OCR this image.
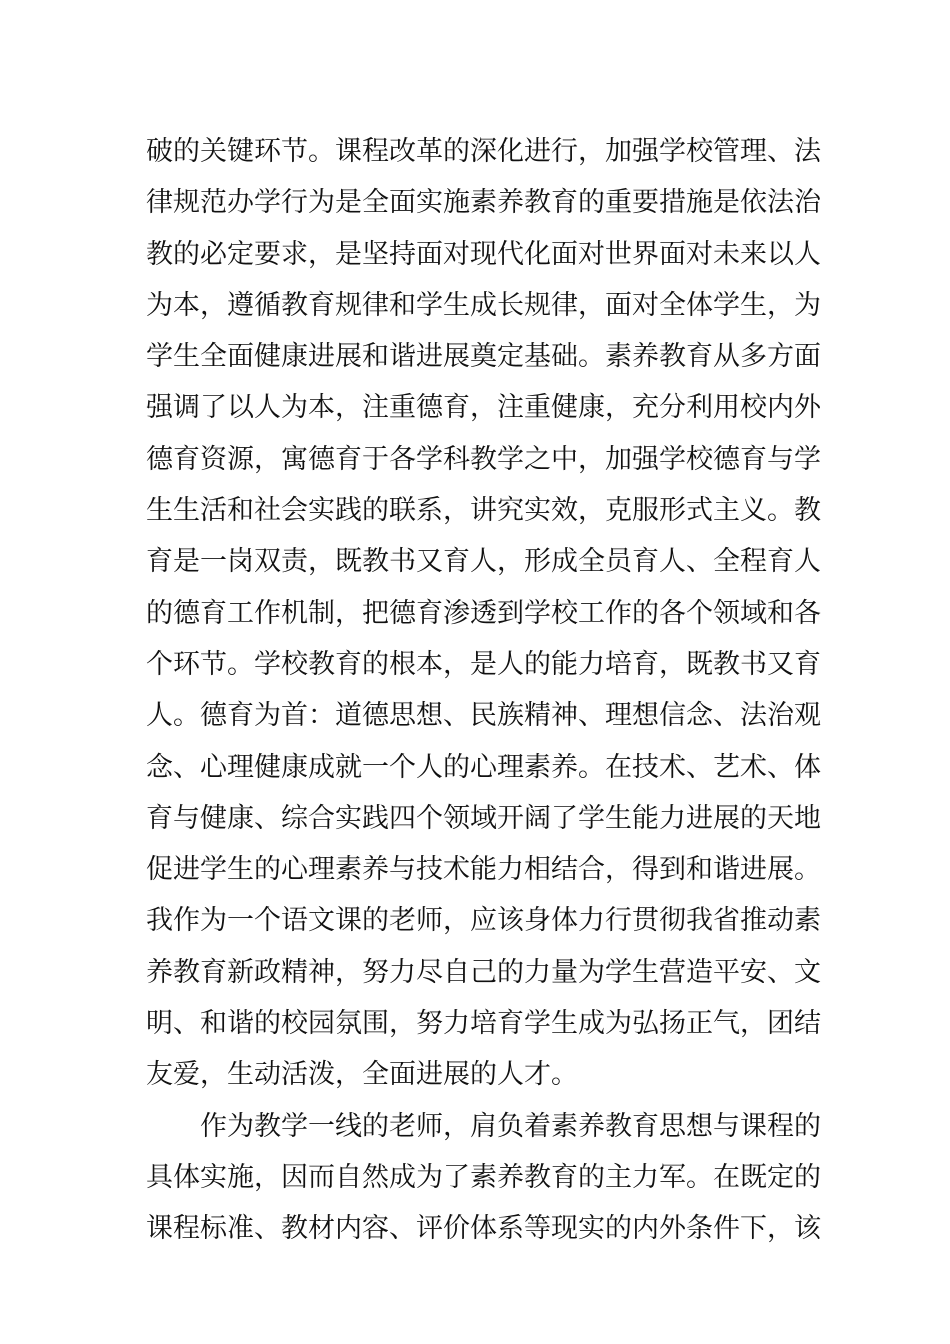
破的关键环节。课程改革的深化进行，加强学校管理、法
律规范办学行为是全面实施素养教育的重要措施是依法治
教的必定要求，是坚持面对现代化面对世界面对未来以人
为本，遵循教育规律和学生成长规律，面对全体学生，为
学生全面健康进展和谐进展奠定基础。素养教育从多方面
强调了以人为本，注重德育，注重健康，充分利用校内外
德育资源，寓德育于各学科教学之中，加强学校德育与学
生生活和社会实践的联系，讲究实效，克服形式主义。教
育是一岗双责，既教书又育人，形成全员育人、全程育人
的德育工作机制，把德育渗透到学校工作的各个领域和各
个环节。学校教育的根本，是人的能力培育，既教书又育
人。德育为首：道德思想、民族精神、理想信念、法治观
念、心理健康成就一个人的心理素养。在技术、艺术、体
育与健康、综合实践四个领域开阔了学生能力进展的天地
促进学生的心理素养与技术能力相结合，得到和谐进展。
我作为一个语文课的老师，应该身体力行贯彻我省推动素
养教育新政精神，努力尽自己的力量为学生营造平安、文
明、和谐的校园氛围，努力培育学生成为弘扬正气，团结
友爱，生动活泼，全面进展的人才。
作为教学一线的老师，肩负着素养教育思想与课程的
具体实施，因而自然成为了素养教育的主力军。在既定的
课程标准、教材内容、评价体系等现实的内外条件下，该
